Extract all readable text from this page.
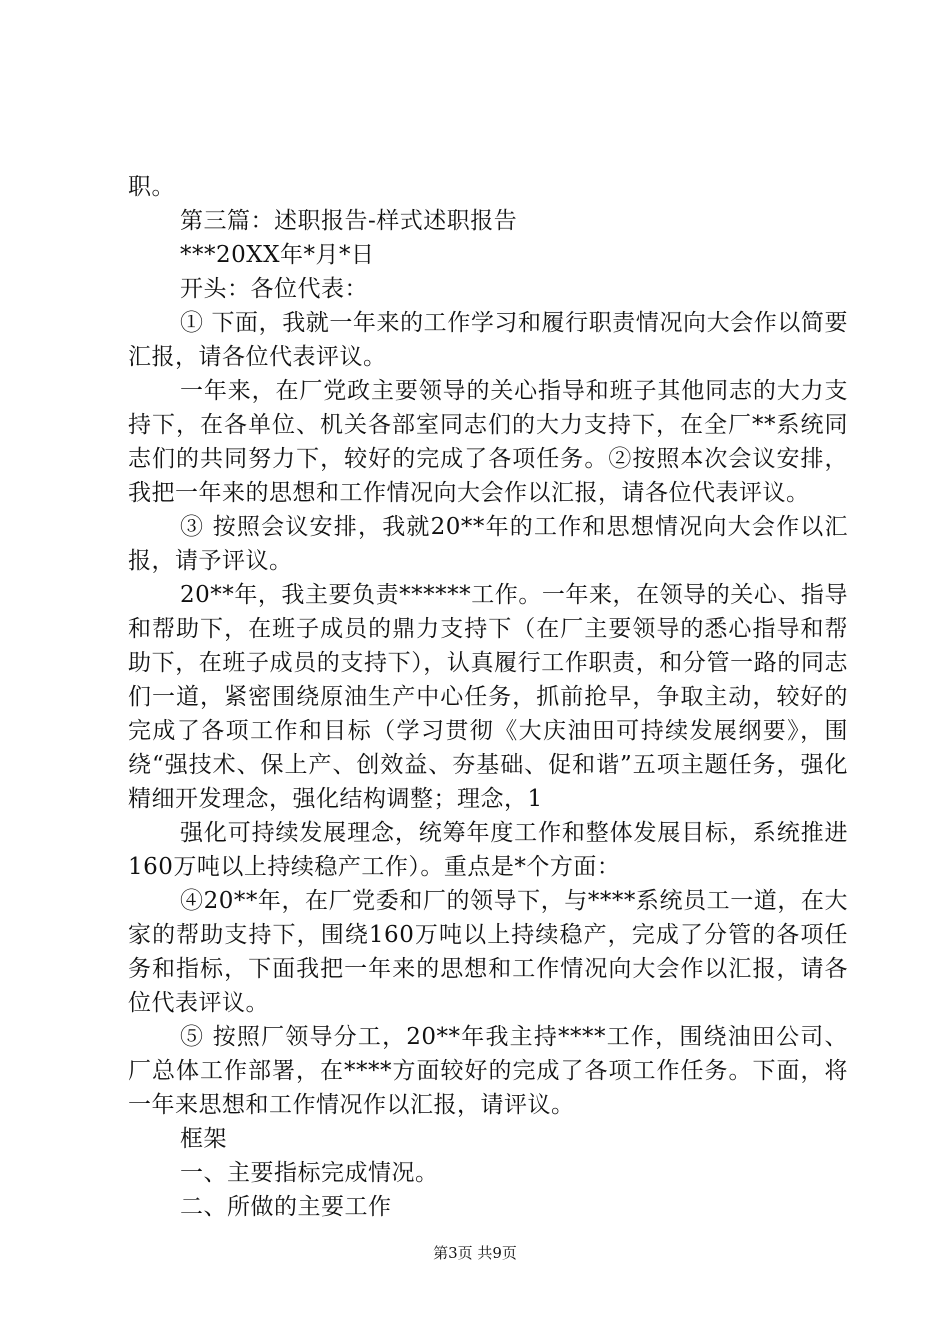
职。

第三篇：述职报告-样式述职报告

***20XX年*月*日

开头：各位代表：

① 下面，我就一年来的工作学习和履行职责情况向大会作以简要汇报，请各位代表评议。

一年来，在厂党政主要领导的关心指导和班子其他同志的大力支持下，在各单位、机关各部室同志们的大力支持下，在全厂**系统同志们的共同努力下，较好的完成了各项任务。②按照本次会议安排，我把一年来的思想和工作情况向大会作以汇报，请各位代表评议。

③ 按照会议安排，我就20**年的工作和思想情况向大会作以汇报，请予评议。

20**年，我主要负责******工作。一年来，在领导的关心、指导和帮助下，在班子成员的鼎力支持下（在厂主要领导的悉心指导和帮助下，在班子成员的支持下），认真履行工作职责，和分管一路的同志们一道，紧密围绕原油生产中心任务，抓前抢早，争取主动，较好的完成了各项工作和目标（学习贯彻《大庆油田可持续发展纲要》，围绕“强技术、保上产、创效益、夯基础、促和谐”五项主题任务，强化精细开发理念，强化结构调整；理念，1

强化可持续发展理念，统筹年度工作和整体发展目标，系统推进160万吨以上持续稳产工作）。重点是*个方面：

④20**年，在厂党委和厂的领导下，与****系统员工一道，在大家的帮助支持下，围绕160万吨以上持续稳产，完成了分管的各项任务和指标，下面我把一年来的思想和工作情况向大会作以汇报，请各位代表评议。

⑤ 按照厂领导分工，20**年我主持****工作，围绕油田公司、厂总体工作部署，在****方面较好的完成了各项工作任务。下面，将一年来思想和工作情况作以汇报，请评议。

框架

一、主要指标完成情况。

二、所做的主要工作

第3页 共9页
